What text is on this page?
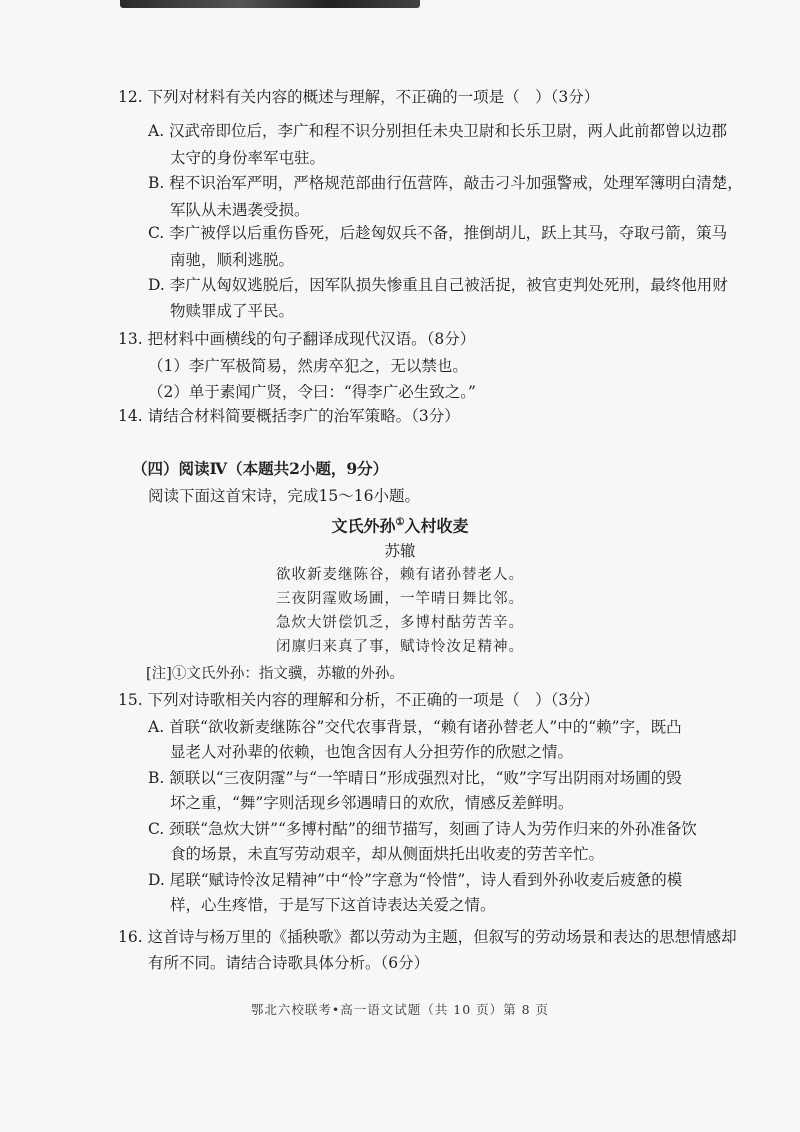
12. 下列对材料有关内容的概述与理解，不正确的一项是（　）（3分）
A. 汉武帝即位后，李广和程不识分别担任未央卫尉和长乐卫尉，两人此前都曾以边郡
太守的身份率军屯驻。
B. 程不识治军严明，严格规范部曲行伍营阵，敲击刁斗加强警戒，处理军簿明白清楚，
军队从未遇袭受损。
C. 李广被俘以后重伤昏死，后趁匈奴兵不备，推倒胡儿，跃上其马，夺取弓箭，策马
南驰，顺利逃脱。
D. 李广从匈奴逃脱后，因军队损失惨重且自己被活捉，被官吏判处死刑，最终他用财
物赎罪成了平民。
13. 把材料中画横线的句子翻译成现代汉语。（8分）
（1）李广军极简易，然虏卒犯之，无以禁也。
（2）单于素闻广贤，令曰：“得李广必生致之。”
14. 请结合材料简要概括李广的治军策略。（3分）
（四）阅读Ⅳ（本题共2小题，9分）
阅读下面这首宋诗，完成15～16小题。
文氏外孙①入村收麦
苏辙
欲收新麦继陈谷，赖有诸孙替老人。
三夜阴霪败场圃，一竿晴日舞比邻。
急炊大饼偿饥乏，多博村酤劳苦辛。
闭廪归来真了事，赋诗怜汝足精神。
[注]①文氏外孙：指文骥，苏辙的外孙。
15. 下列对诗歌相关内容的理解和分析，不正确的一项是（　）（3分）
A. 首联“欲收新麦继陈谷”交代农事背景，“赖有诸孙替老人”中的“赖”字，既凸
显老人对孙辈的依赖，也饱含因有人分担劳作的欣慰之情。
B. 颔联以“三夜阴霪”与“一竿晴日”形成强烈对比，“败”字写出阴雨对场圃的毁
坏之重，“舞”字则活现乡邻遇晴日的欢欣，情感反差鲜明。
C. 颈联“急炊大饼”“多博村酤”的细节描写，刻画了诗人为劳作归来的外孙准备饮
食的场景，未直写劳动艰辛，却从侧面烘托出收麦的劳苦辛忙。
D. 尾联“赋诗怜汝足精神”中“怜”字意为“怜惜”，诗人看到外孙收麦后疲惫的模
样，心生疼惜，于是写下这首诗表达关爱之情。
16. 这首诗与杨万里的《插秧歌》都以劳动为主题，但叙写的劳动场景和表达的思想情感却
有所不同。请结合诗歌具体分析。（6分）
鄂北六校联考•高一语文试题（共 10 页）第 8 页
